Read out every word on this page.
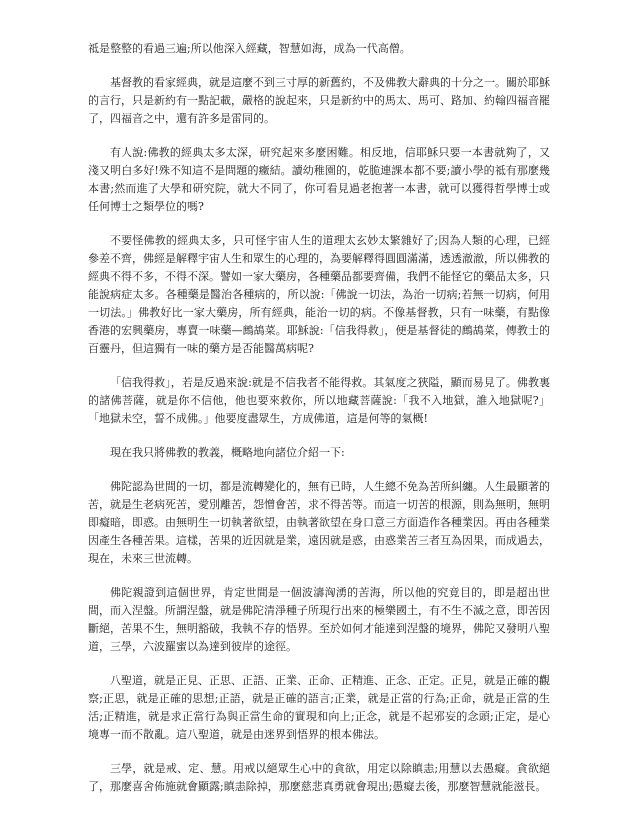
祗是整整的看過三遍;所以他深入經藏，智慧如海，成為一代高僧。

基督教的看家經典，就是這麼不到三寸厚的新舊約，不及佛教大辭典的十分之一。關於耶穌的言行，只是新約有一點記載，嚴格的說起來，只是新約中的馬太、馬可、路加、約翰四福音罷了，四福音之中，還有許多是雷同的。

有人說:佛教的經典太多太深，研究起來多麼困難。相反地，信耶穌只要一本書就夠了，又淺又明白多好!殊不知這不是問題的癥結。讀幼稚園的，乾脆連課本都不要;讀小學的祗有那麼幾本書;然而進了大學和研究院，就大不同了，你可看見過老抱著一本書，就可以獲得哲學博士或任何博士之類學位的嗎?

不要怪佛教的經典太多，只可怪宇宙人生的道理太玄妙太繁雜好了;因為人類的心理，已經參差不齊，佛經是解釋宇宙人生和眾生的心理的，為要解釋得圓圓滿滿，透透澈澈，所以佛教的經典不得不多，不得不深。譬如一家大藥房，各種藥品都要齊備，我們不能怪它的藥品太多，只能說病症太多。各種藥是醫治各種病的，所以說:「佛說一切法，為治一切病;若無一切病，何用一切法。」佛教好比一家大藥房，所有經典，能治一切的病。不像基督教，只有一味藥，有點像香港的宏興藥房，專賣一味藥—鷓鴣菜。耶穌說:「信我得救」，便是基督徒的鷓鴣菜，傳教士的百靈丹，但這獨有一味的藥方是否能醫萬病呢?

「信我得救」，若是反過來說:就是不信我者不能得救。其氣度之狹隘，顯而易見了。佛教裏的諸佛菩薩，就是你不信他，他也要來救你，所以地藏菩薩說:「我不入地獄，誰入地獄呢?」「地獄未空，誓不成佛。」他要度盡眾生，方成佛道，這是何等的氣概!

現在我只將佛教的教義，概略地向諸位介紹一下:

佛陀認為世間的一切，都是流轉變化的，無有已時，人生總不免為苦所糾纏。人生最顯著的苦，就是生老病死苦，愛別離苦，怨憎會苦，求不得苦等。而這一切苦的根源，則為無明，無明即癡暗，即惑。由無明生一切執著欲望，由執著欲望在身口意三方面造作各種業因。再由各種業因產生各種苦果。這樣，苦果的近因就是業，遠因就是惑，由惑業苦三者互為因果，而成過去，現在，未來三世流轉。

佛陀親證到這個世界，肯定世間是一個波濤洶湧的苦海，所以他的究竟目的，即是超出世間，而入涅盤。所謂涅盤，就是佛陀清淨種子所現行出來的極樂國土，有不生不滅之意，即苦因斷絕，苦果不生，無明豁破，我執不存的悟界。至於如何才能達到涅盤的境界，佛陀又發明八聖道，三學，六波羅蜜以為達到彼岸的途徑。

八聖道，就是正見、正思、正語、正業、正命、正精進、正念、正定。正見，就是正確的觀察;正思，就是正確的思想;正語，就是正確的語言;正業，就是正當的行為;正命，就是正當的生活;正精進，就是求正當行為與正當生命的實現和向上;正念，就是不起邪妄的念頭;正定，是心境專一而不散亂。這八聖道，就是由迷界到悟界的根本佛法。

三學，就是戒、定、慧。用戒以絕眾生心中的貪欲，用定以除瞋恚;用慧以去愚癡。貪欲絕了，那麼喜舍佈施就會顯露;瞋恚除掉，那麼慈悲真勇就會現出;愚癡去後，那麼智慧就能滋長。
